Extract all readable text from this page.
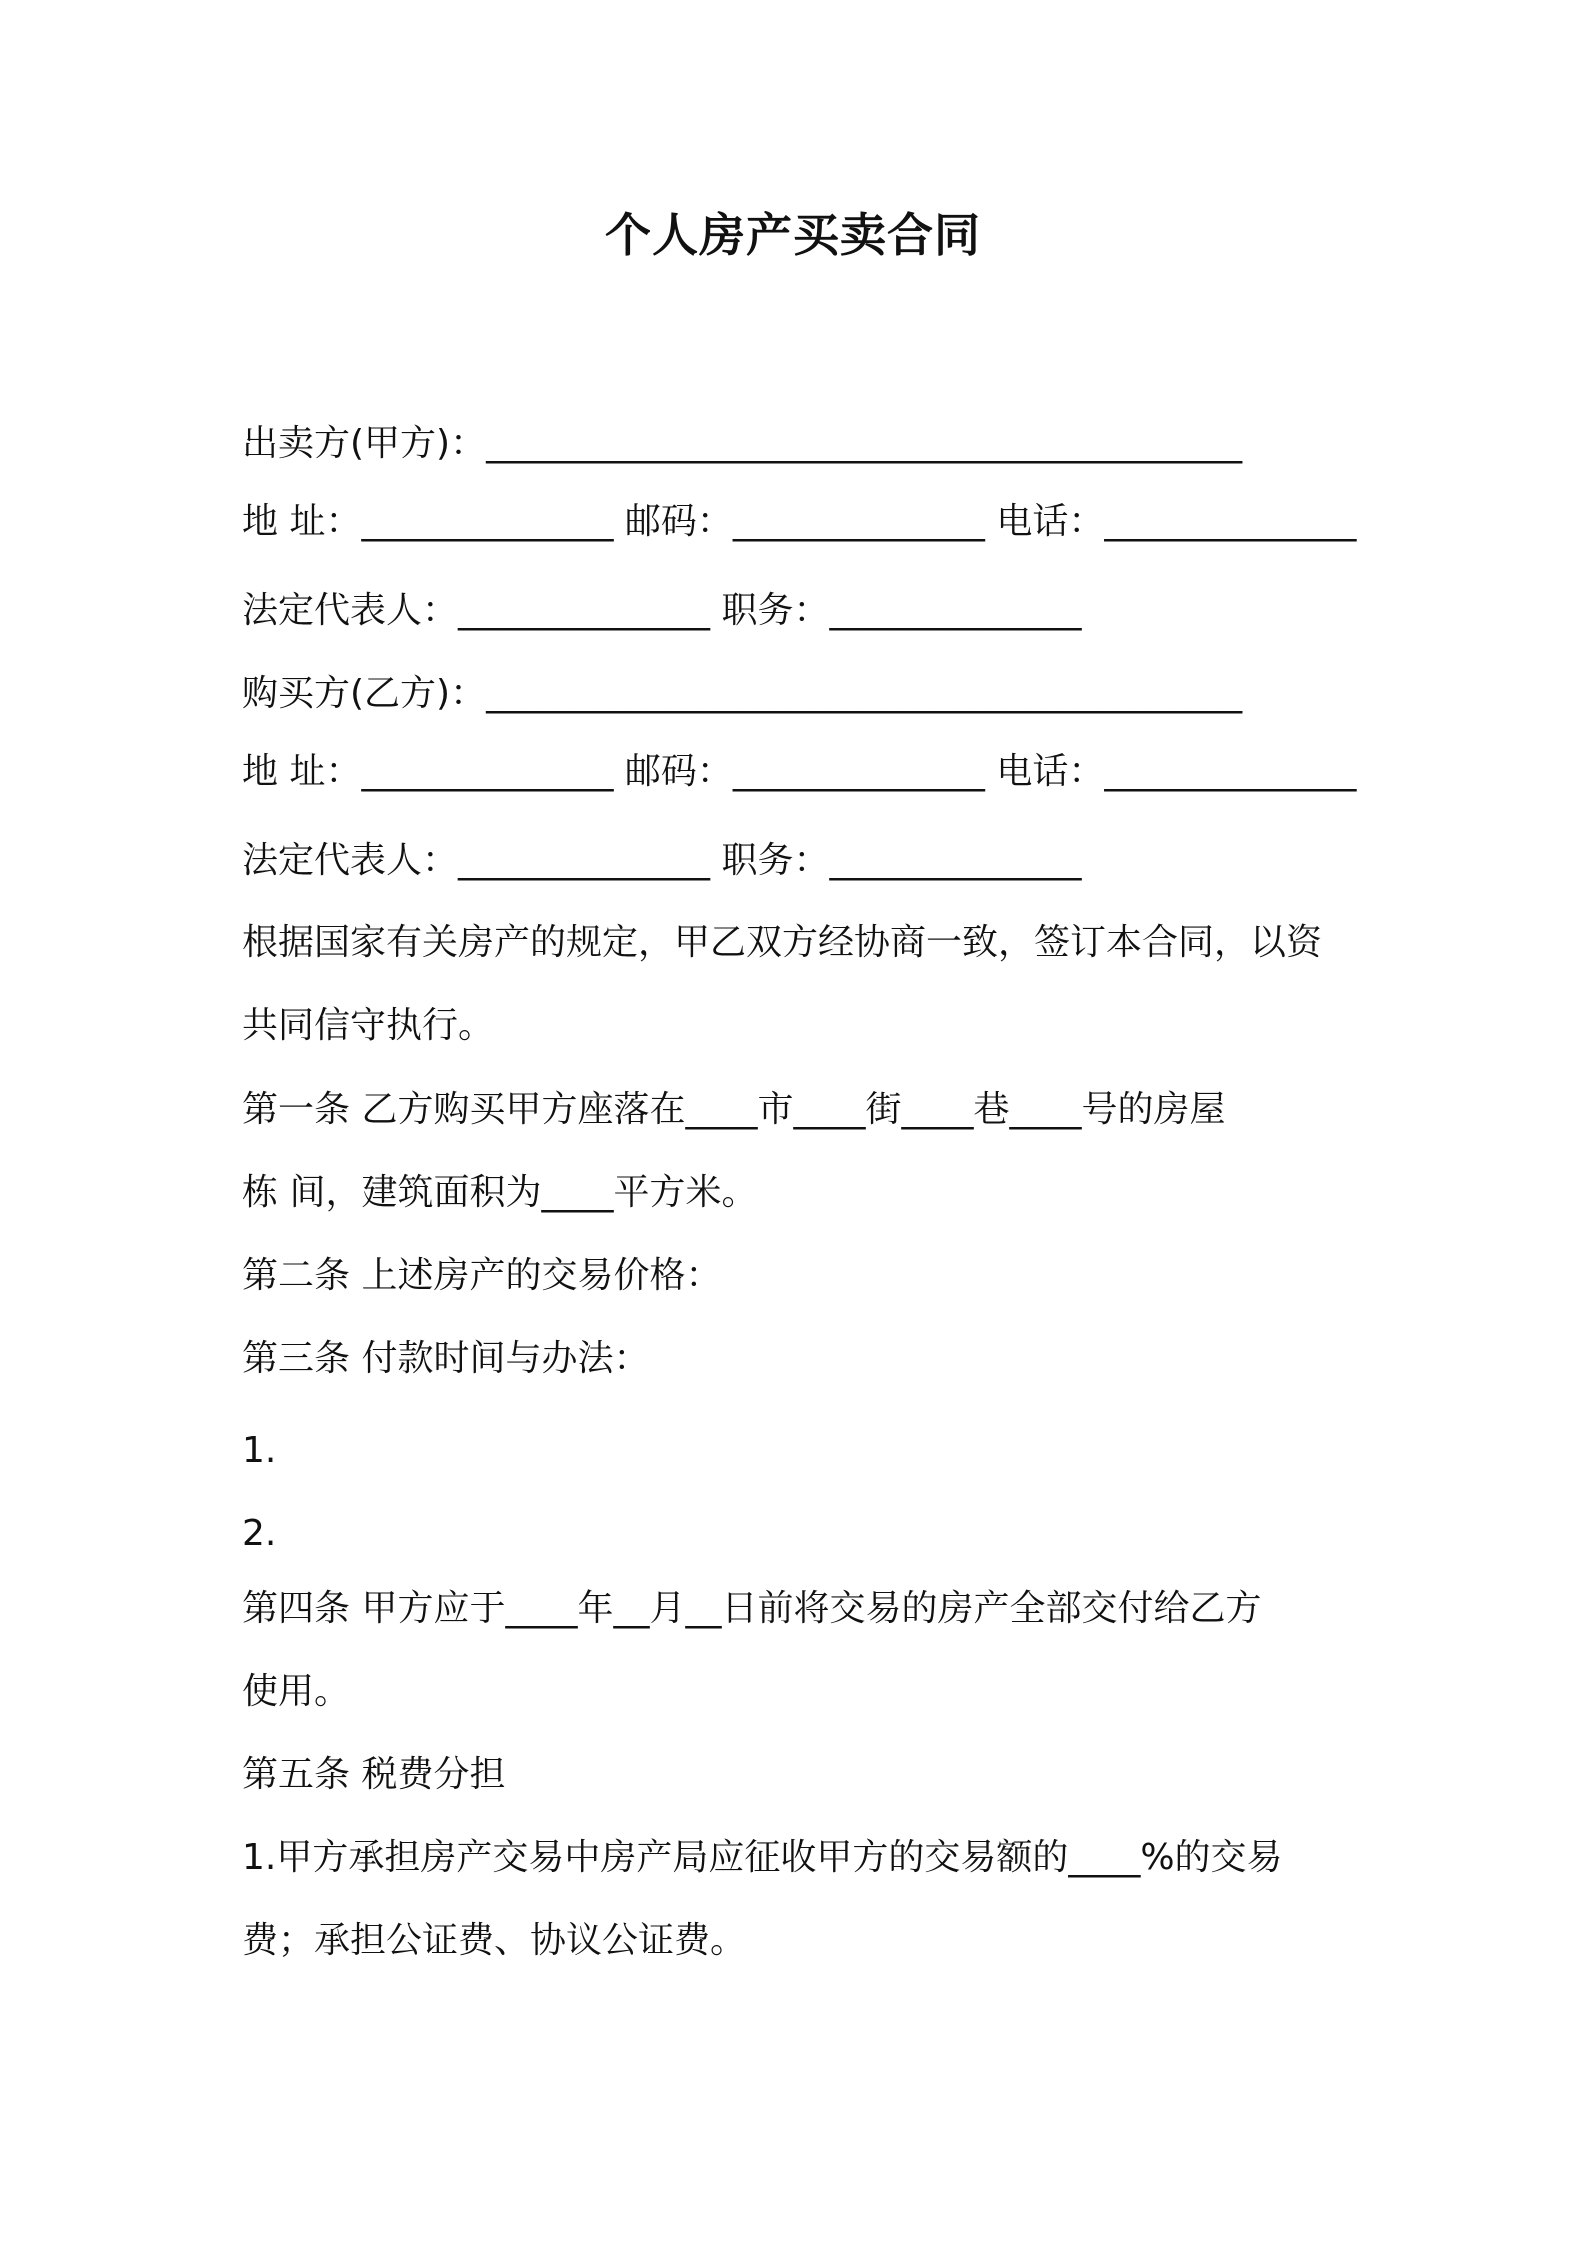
个人房产买卖合同
出卖方(甲方)：__________________________________________
地 址：______________ 邮码：______________ 电话：______________
法定代表人：______________ 职务：______________
购买方(乙方)：__________________________________________
地 址：______________ 邮码：______________ 电话：______________
法定代表人：______________ 职务：______________
根据国家有关房产的规定，甲乙双方经协商一致，签订本合同，以资
共同信守执行。
第一条 乙方购买甲方座落在____市____街____巷____号的房屋
栋 间，建筑面积为____平方米。
第二条 上述房产的交易价格：
第三条 付款时间与办法：
1.
2.
第四条 甲方应于____年__月__日前将交易的房产全部交付给乙方
使用。
第五条 税费分担
1.甲方承担房产交易中房产局应征收甲方的交易额的____%的交易
费；承担公证费、协议公证费。
